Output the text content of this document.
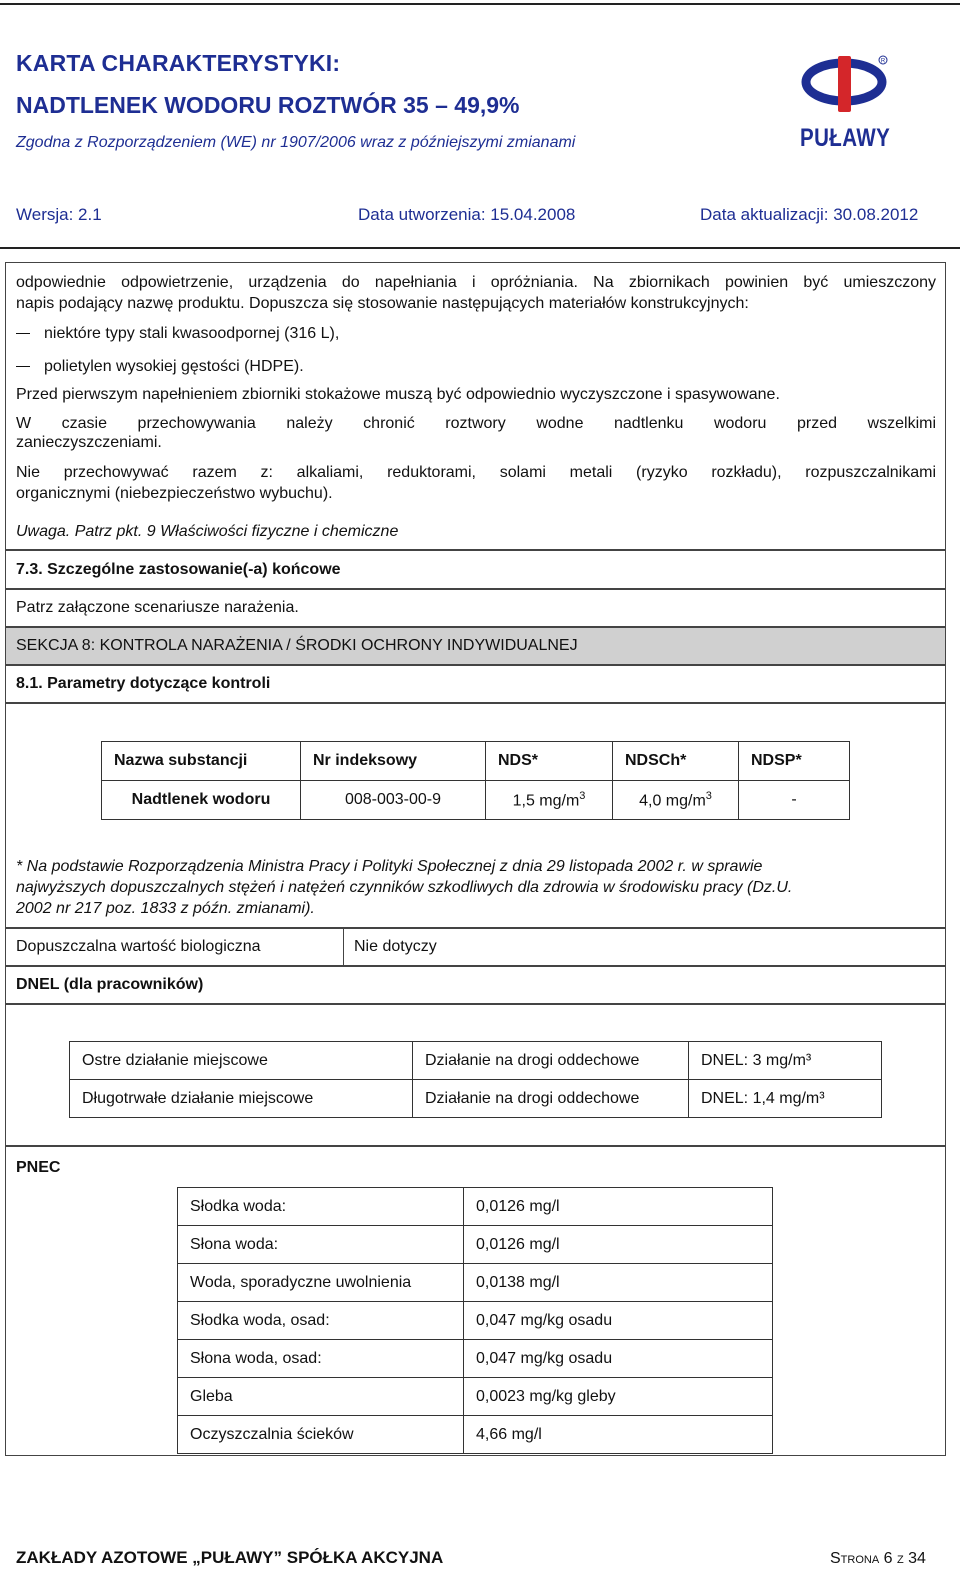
KARTA CHARAKTERYSTYKI:
NADTLENEK WODORU ROZTWÓR 35 – 49,9%
Zgodna z Rozporządzeniem (WE) nr 1907/2006 wraz z późniejszymi zmianami
R
PUŁAWY
Wersja: 2.1	Data utworzenia: 15.04.2008	Data aktualizacji: 30.08.2012
odpowiednie odpowietrzenie, urządzenia do napełniania i opróżniania. Na zbiornikach powinien być umieszczony
napis podający nazwę produktu. Dopuszcza się stosowanie następujących materiałów konstrukcyjnych:
niektóre typy stali kwasoodpornej (316 L),
polietylen wysokiej gęstości (HDPE).
Przed pierwszym napełnieniem zbiorniki stokażowe muszą być odpowiednio wyczyszczone i spasywowane.
W czasie przechowywania należy chronić roztwory wodne nadtlenku wodoru przed wszelkimi
zanieczyszczeniami.
Nie przechowywać razem z: alkaliami, reduktorami, solami metali (ryzyko rozkładu), rozpuszczalnikami
organicznymi (niebezpieczeństwo wybuchu).
Uwaga. Patrz pkt. 9 Właściwości fizyczne i chemiczne
7.3. Szczególne zastosowanie(-a) końcowe
Patrz załączone scenariusze narażenia.
SEKCJA 8: KONTROLA NARAŻENIA / ŚRODKI OCHRONY INDYWIDUALNEJ
8.1. Parametry dotyczące kontroli
Nazwa substancji	Nr indeksowy	NDS*	NDSCh*	NDSP*
Nadtlenek wodoru	008-003-00-9	1,5 $mg/m^3$	4,0 $mg/m^3$	-
* Na podstawie Rozporządzenia Ministra Pracy i Polityki Społecznej z dnia 29 listopada 2002 r. w sprawie
najwyższych dopuszczalnych stężeń i natężeń czynników szkodliwych dla zdrowia w środowisku pracy (Dz.U.
2002 nr 217 poz. 1833 z późn. zmianami).
Dopuszczalna wartość biologiczna	Nie dotyczy
DNEL (dla pracowników)
Ostre działanie miejscowe	Działanie na drogi oddechowe	DNEL: 3 mg/m³
Długotrwałe działanie miejscowe	Działanie na drogi oddechowe	DNEL: 1,4 mg/m³
PNEC
Słodka woda:	0,0126 mg/l
Słona woda:	0,0126 mg/l
Woda, sporadyczne uwolnienia	0,0138 mg/l
Słodka woda, osad:	0,047 mg/kg osadu
Słona woda, osad:	0,047 mg/kg osadu
Gleba	0,0023 mg/kg gleby
Oczyszczalnia ścieków	4,66 mg/l
ZAKŁADY AZOTOWE „PUŁAWY” SPÓŁKA AKCYJNA	Strona 6 z 34
